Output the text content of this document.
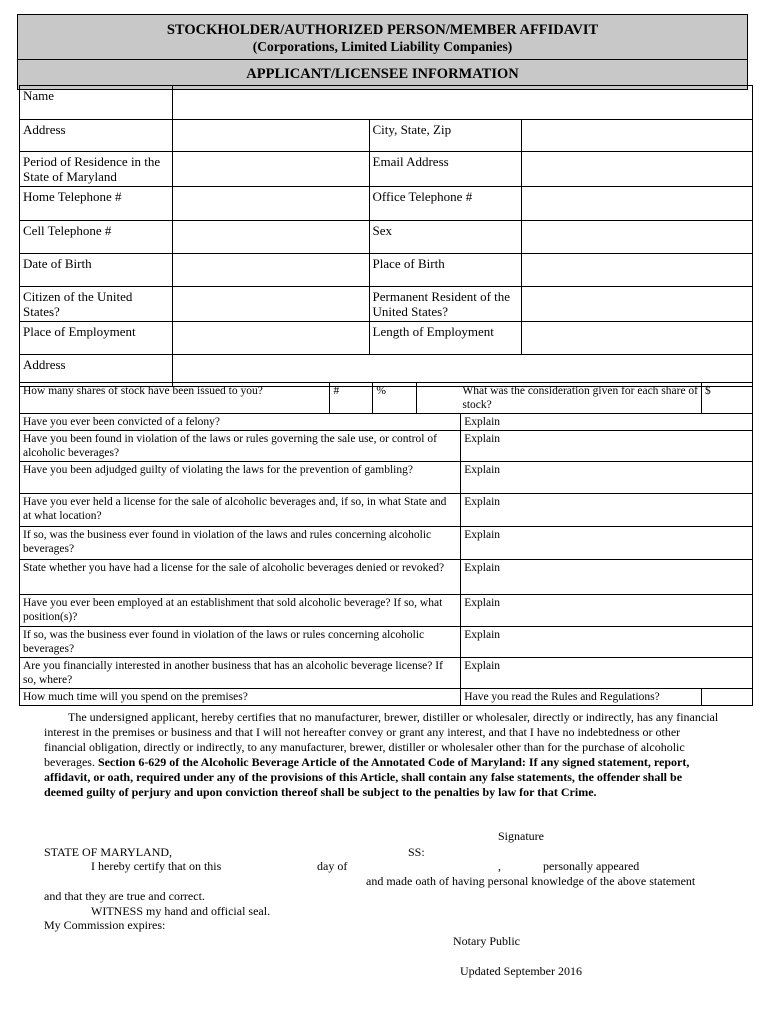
STOCKHOLDER/AUTHORIZED PERSON/MEMBER AFFIDAVIT
(Corporations, Limited Liability Companies)
APPLICANT/LICENSEE INFORMATION
Name			
Address		City, State, Zip	
Period of Residence in the State of Maryland		Email Address	
Home Telephone #		Office Telephone #	
Cell Telephone #		Sex	
Date of Birth		Place of Birth	
Citizen of the United States?		Permanent Resident of the United States?	
Place of Employment		Length of Employment	
Address			
How many shares of stock have been issued to you?	#	%	What was the consideration given for each share of stock?		$
Have you ever been convicted of a felony?				Explain	
Have you been found in violation of the laws or rules governing the sale use, or control of alcoholic beverages?				Explain	
Have you been adjudged guilty of violating the laws for the prevention of gambling?				Explain	
Have you ever held a license for the sale of alcoholic beverages and, if so, in what State and at what location?				Explain	
If so, was the business ever found in violation of the laws and rules concerning alcoholic beverages?				Explain	
State whether you have had a license for the sale of alcoholic beverages denied or revoked?				Explain	
Have you ever been employed at an establishment that sold alcoholic beverage? If so, what position(s)?				Explain	
If so, was the business ever found in violation of the laws or rules concerning alcoholic beverages?				Explain	
Are you financially interested in another business that has an alcoholic beverage license? If so, where?				Explain	
How much time will you spend on the premises?				Have you read the Rules and Regulations?	
The undersigned applicant, hereby certifies that no manufacturer, brewer, distiller or wholesaler, directly or indirectly, has any financial interest in the premises or business and that I will not hereafter convey or grant any interest, and that I have no indebtedness or other financial obligation, directly or indirectly, to any manufacturer, brewer, distiller or wholesaler other than for the purchase of alcoholic beverages. Section 6-629 of the Alcoholic Beverage Article of the Annotated Code of Maryland: If any signed statement, report, affidavit, or oath, required under any of the provisions of this Article, shall contain any false statements, the offender shall be deemed guilty of perjury and upon conviction thereof shall be subject to the penalties by law for that Crime.
Signature
STATE OF MARYLAND,	SS:
I hereby certify that on this	day of	,	personally appeared
and made oath of having personal knowledge of the above statement
and that they are true and correct.
WITNESS my hand and official seal.
My Commission expires:
Notary Public
Updated September 2016
